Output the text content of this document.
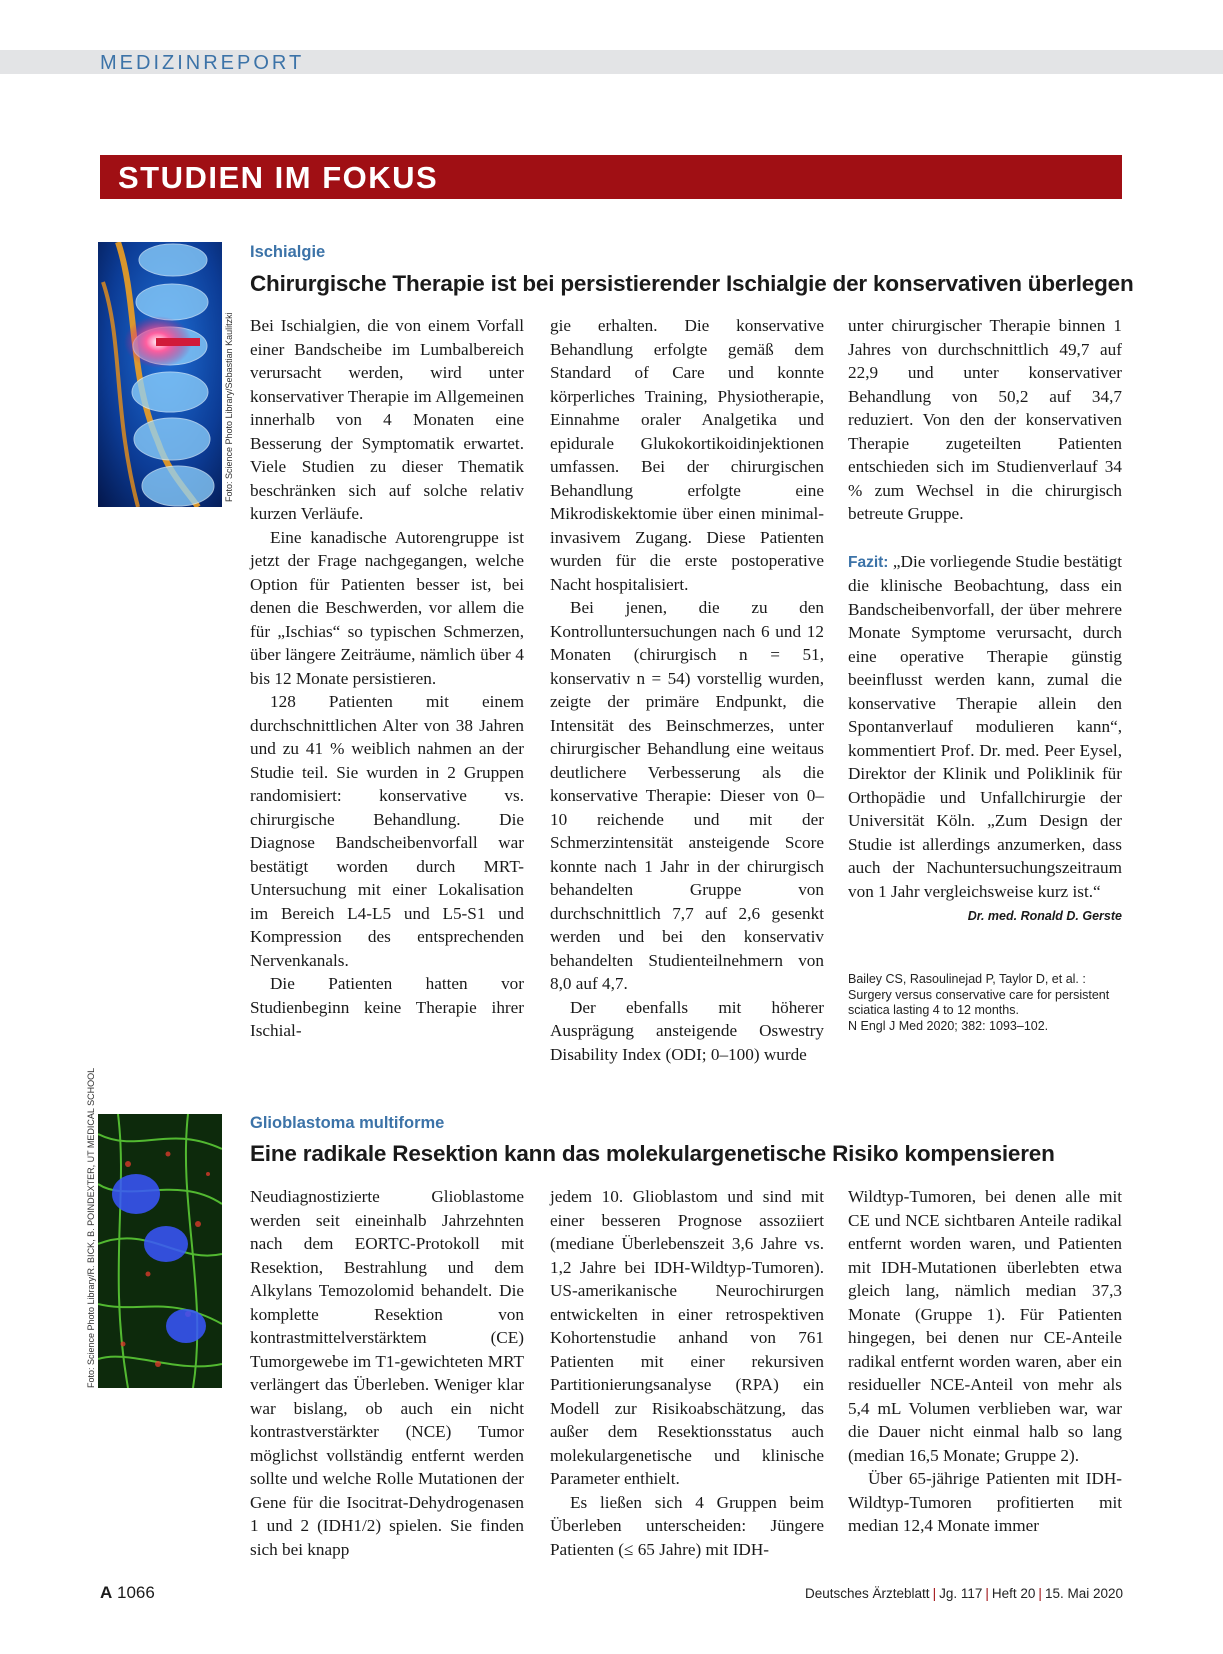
MEDIZINREPORT
STUDIEN IM FOKUS
Foto: Science Photo Library/Sebastian Kaulitzki
Ischialgie
Chirurgische Therapie ist bei persistierender Ischialgie der konservativen überlegen

Bei Ischialgien, die von einem Vorfall einer Bandscheibe im Lumbalbereich verursacht werden, wird unter konservativer Therapie im Allgemeinen innerhalb von 4 Monaten eine Besserung der Symptomatik erwartet. Viele Studien zu dieser Thematik beschränken sich auf solche relativ kurzen Verläufe.

Eine kanadische Autorengruppe ist jetzt der Frage nachgegangen, welche Option für Patienten besser ist, bei denen die Beschwerden, vor allem die für „Ischias“ so typischen Schmerzen, über längere Zeiträume, nämlich über 4 bis 12 Monate persistieren.

128 Patienten mit einem durchschnittlichen Alter von 38 Jahren und zu 41 % weiblich nahmen an der Studie teil. Sie wurden in 2 Gruppen randomisiert: konservative vs. chirurgische Behandlung. Die Diagnose Bandscheibenvorfall war bestätigt worden durch MRT-Untersuchung mit einer Lokalisation im Bereich L4-L5 und L5-S1 und Kompression des entsprechenden Nervenkanals.

Die Patienten hatten vor Studienbeginn keine Therapie ihrer Ischial-

gie erhalten. Die konservative Behandlung erfolgte gemäß dem Standard of Care und konnte körperliches Training, Physiotherapie, Einnahme oraler Analgetika und epidurale Glukokortikoidinjektionen umfassen. Bei der chirurgischen Behandlung erfolgte eine Mikrodiskektomie über einen minimal-invasivem Zugang. Diese Patienten wurden für die erste postoperative Nacht hospitalisiert.

Bei jenen, die zu den Kontrolluntersuchungen nach 6 und 12 Monaten (chirurgisch n = 51, konservativ n = 54) vorstellig wurden, zeigte der primäre Endpunkt, die Intensität des Beinschmerzes, unter chirurgischer Behandlung eine weitaus deutlichere Verbesserung als die konservative Therapie: Dieser von 0–10 reichende und mit der Schmerzintensität ansteigende Score konnte nach 1 Jahr in der chirurgisch behandelten Gruppe von durchschnittlich 7,7 auf 2,6 gesenkt werden und bei den konservativ behandelten Studienteilnehmern von 8,0 auf 4,7.

Der ebenfalls mit höherer Ausprägung ansteigende Oswestry Disability Index (ODI; 0–100) wurde

unter chirurgischer Therapie binnen 1 Jahres von durchschnittlich 49,7 auf 22,9 und unter konservativer Behandlung von 50,2 auf 34,7 reduziert. Von den der konservativen Therapie zugeteilten Patienten entschieden sich im Studienverlauf 34 % zum Wechsel in die chirurgisch betreute Gruppe.

Fazit: „Die vorliegende Studie bestätigt die klinische Beobachtung, dass ein Bandscheibenvorfall, der über mehrere Monate Symptome verursacht, durch eine operative Therapie günstig beeinflusst werden kann, zumal die konservative Therapie allein den Spontanverlauf modulieren kann“, kommentiert Prof. Dr. med. Peer Eysel, Direktor der Klinik und Poliklinik für Orthopädie und Unfallchirurgie der Universität Köln. „Zum Design der Studie ist allerdings anzumerken, dass auch der Nachuntersuchungszeitraum von 1 Jahr vergleichsweise kurz ist.“
Dr. med. Ronald D. Gerste

Bailey CS, Rasoulinejad P, Taylor D, et al. : Surgery versus conservative care for persistent sciatica lasting 4 to 12 months.

N Engl J Med 2020; 382: 1093–102.

Foto: Science Photo Library/R. BICK, B. POINDEXTER, UT MEDICAL SCHOOL	Glioblastoma multiforme
Eine radikale Resektion kann das molekulargenetische Risiko kompensieren

Neudiagnostizierte Glioblastome werden seit eineinhalb Jahrzehnten nach dem EORTC-Protokoll mit Resektion, Bestrahlung und dem Alkylans Temozolomid behandelt. Die komplette Resektion von kontrastmittelverstärktem (CE) Tumorgewebe im T1-gewichteten MRT verlängert das Überleben. Weniger klar war bislang, ob auch ein nicht kontrastverstärkter (NCE) Tumor möglichst vollständig entfernt werden sollte und welche Rolle Mutationen der Gene für die Isocitrat-Dehydrogenasen 1 und 2 (IDH1/2) spielen. Sie finden sich bei knapp

jedem 10. Glioblastom und sind mit einer besseren Prognose assoziiert (mediane Überlebenszeit 3,6 Jahre vs. 1,2 Jahre bei IDH-Wildtyp-Tumoren). US-amerikanische Neurochirurgen entwickelten in einer retrospektiven Kohortenstudie anhand von 761 Patienten mit einer rekursiven Partitionierungsanalyse (RPA) ein Modell zur Risikoabschätzung, das außer dem Resektionsstatus auch molekulargenetische und klinische Parameter enthielt.

Es ließen sich 4 Gruppen beim Überleben unterscheiden: Jüngere Patienten (≤ 65 Jahre) mit IDH-

Wildtyp-Tumoren, bei denen alle mit CE und NCE sichtbaren Anteile radikal entfernt worden waren, und Patienten mit IDH-Mutationen überlebten etwa gleich lang, nämlich median 37,3 Monate (Gruppe 1). Für Patienten hingegen, bei denen nur CE-Anteile radikal entfernt worden waren, aber ein residueller NCE-Anteil von mehr als 5,4 mL Volumen verblieben war, war die Dauer nicht einmal halb so lang (median 16,5 Monate; Gruppe 2).

Über 65-jährige Patienten mit IDH-Wildtyp-Tumoren profitierten mit median 12,4 Monate immer

A 1066	Deutsches Ärzteblatt | Jg. 117 | Heft 20 | 15. Mai 2020
